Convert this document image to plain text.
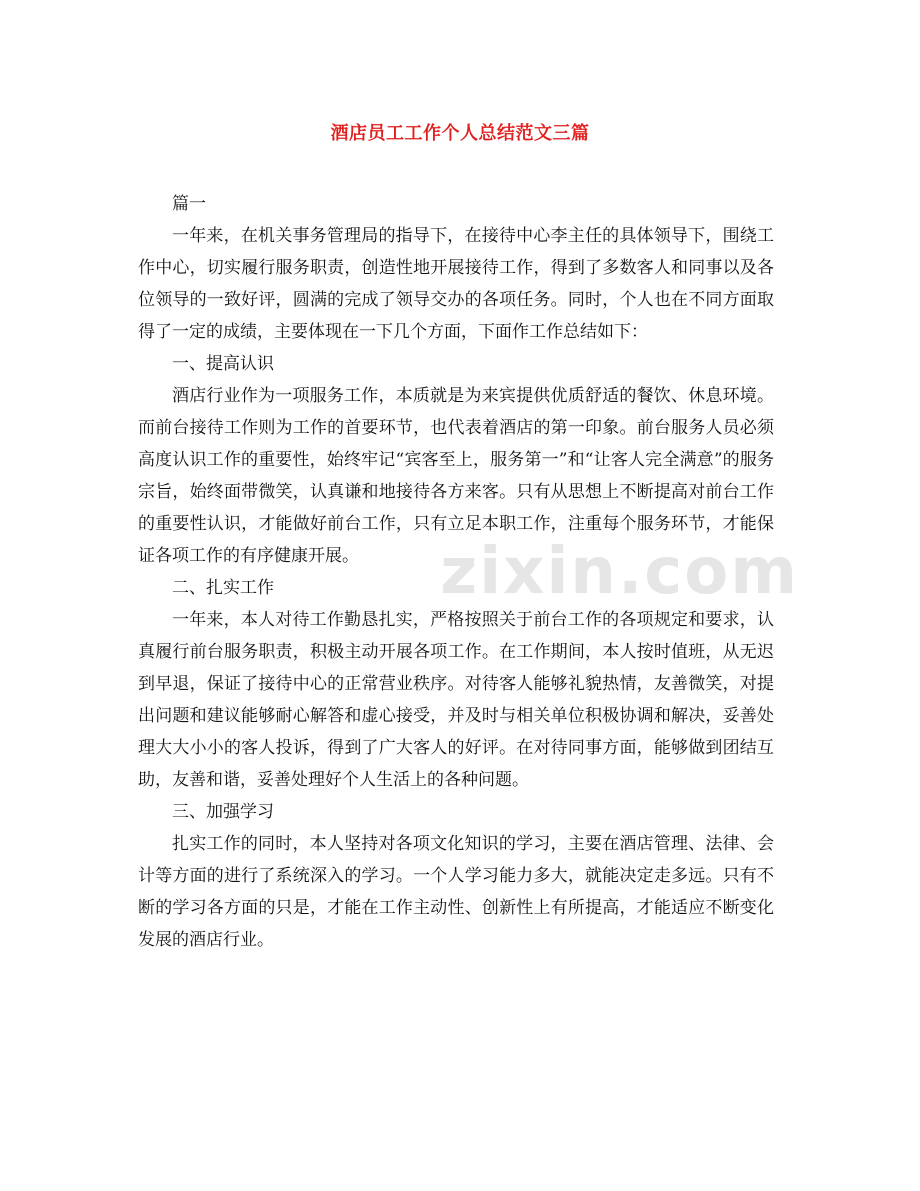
zixin.com
酒店员工工作个人总结范文三篇

篇一

一年来，在机关事务管理局的指导下，在接待中心李主任的具体领导下，围绕工作中心，切实履行服务职责，创造性地开展接待工作，得到了多数客人和同事以及各位领导的一致好评，圆满的完成了领导交办的各项任务。同时，个人也在不同方面取得了一定的成绩，主要体现在一下几个方面，下面作工作总结如下：

一、提高认识

酒店行业作为一项服务工作，本质就是为来宾提供优质舒适的餐饮、休息环境。而前台接待工作则为工作的首要环节，也代表着酒店的第一印象。前台服务人员必须高度认识工作的重要性，始终牢记“宾客至上，服务第一”和“让客人完全满意”的服务宗旨，始终面带微笑，认真谦和地接待各方来客。只有从思想上不断提高对前台工作的重要性认识，才能做好前台工作，只有立足本职工作，注重每个服务环节，才能保证各项工作的有序健康开展。

二、扎实工作

一年来，本人对待工作勤恳扎实，严格按照关于前台工作的各项规定和要求，认真履行前台服务职责，积极主动开展各项工作。在工作期间，本人按时值班，从无迟到早退，保证了接待中心的正常营业秩序。对待客人能够礼貌热情，友善微笑，对提出问题和建议能够耐心解答和虚心接受，并及时与相关单位积极协调和解决，妥善处理大大小小的客人投诉，得到了广大客人的好评。在对待同事方面，能够做到团结互助，友善和谐，妥善处理好个人生活上的各种问题。

三、加强学习

扎实工作的同时，本人坚持对各项文化知识的学习，主要在酒店管理、法律、会计等方面的进行了系统深入的学习。一个人学习能力多大，就能决定走多远。只有不断的学习各方面的只是，才能在工作主动性、创新性上有所提高，才能适应不断变化发展的酒店行业。
